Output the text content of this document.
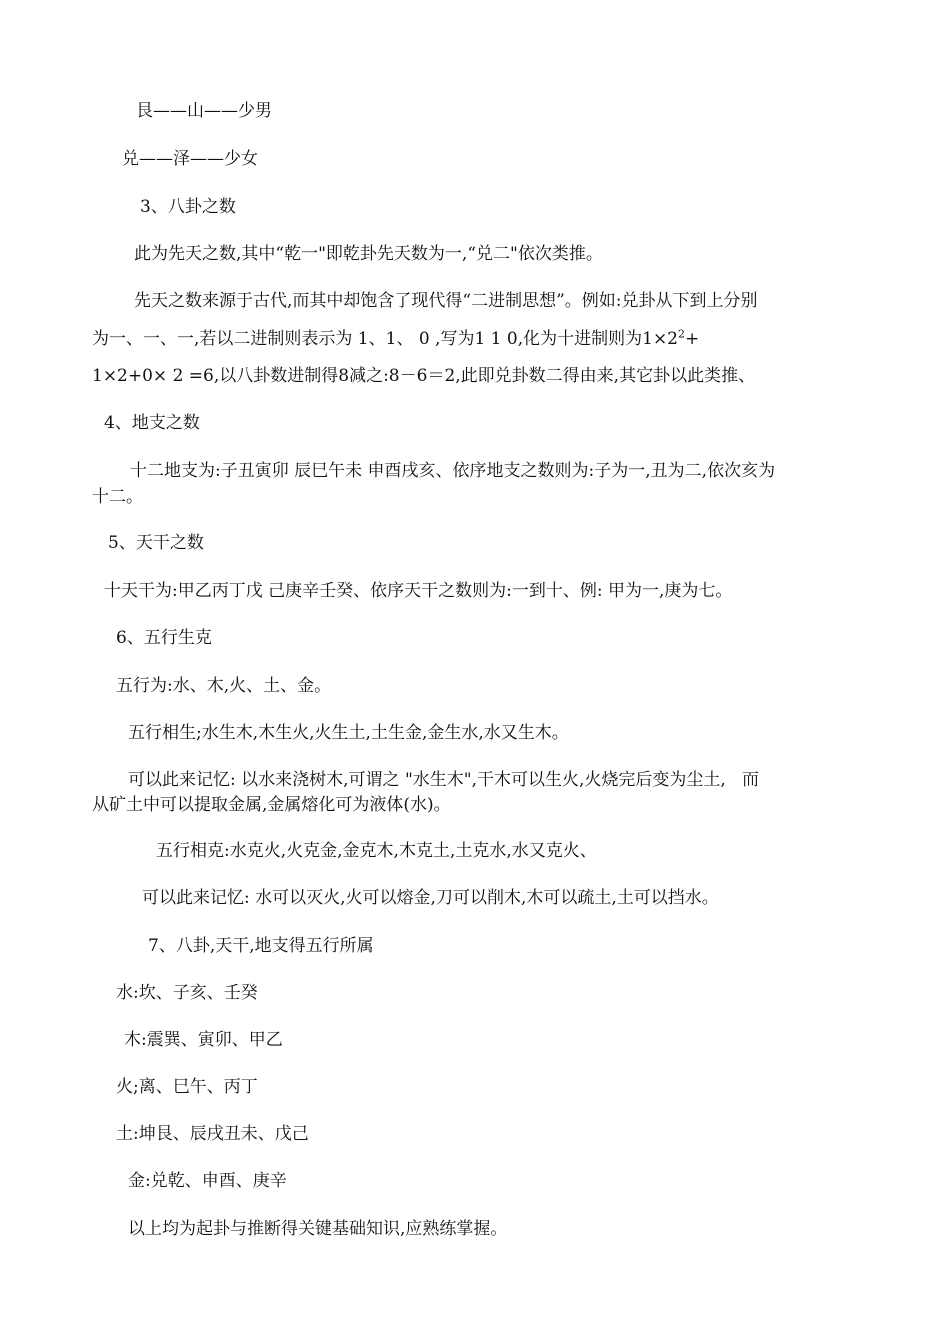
艮——山——少男
兑——泽——少女
3、八卦之数
此为先天之数,其中“乾一"即乾卦先天数为一,“兑二"依次类推。
先天之数来源于古代,而其中却饱含了现代得“二进制思想”。例如:兑卦从下到上分别
为一、一、一,若以二进制则表示为 1、1、 0 ,写为1 1 0,化为十进制则为$1\times 2^2+$
1×2+0× 2 =6,以八卦数进制得8减之:8－6＝2,此即兑卦数二得由来,其它卦以此类推、
4、地支之数
十二地支为:子丑寅卯 辰巳午未 申酉戌亥、依序地支之数则为:子为一,丑为二,依次亥为
十二。
5、天干之数
十天干为:甲乙丙丁戊 己庚辛壬癸、依序天干之数则为:一到十、例: 甲为一,庚为七。
6、五行生克
五行为:水、木,火、土、金。
五行相生;水生木,木生火,火生土,土生金,金生水,水又生木。
可以此来记忆: 以水来浇树木,可谓之 "水生木",干木可以生火,火烧完后变为尘土,   而
从矿土中可以提取金属,金属熔化可为液体(水)。
五行相克:水克火,火克金,金克木,木克土,土克水,水又克火、
可以此来记忆: 水可以灭火,火可以熔金,刀可以削木,木可以疏土,土可以挡水。
7、八卦,天干,地支得五行所属
水:坎、子亥、壬癸
木:震巽、寅卯、甲乙
火;离、巳午、丙丁
土:坤艮、辰戌丑未、戊己
金:兑乾、申酉、庚辛
以上均为起卦与推断得关键基础知识,应熟练掌握。
